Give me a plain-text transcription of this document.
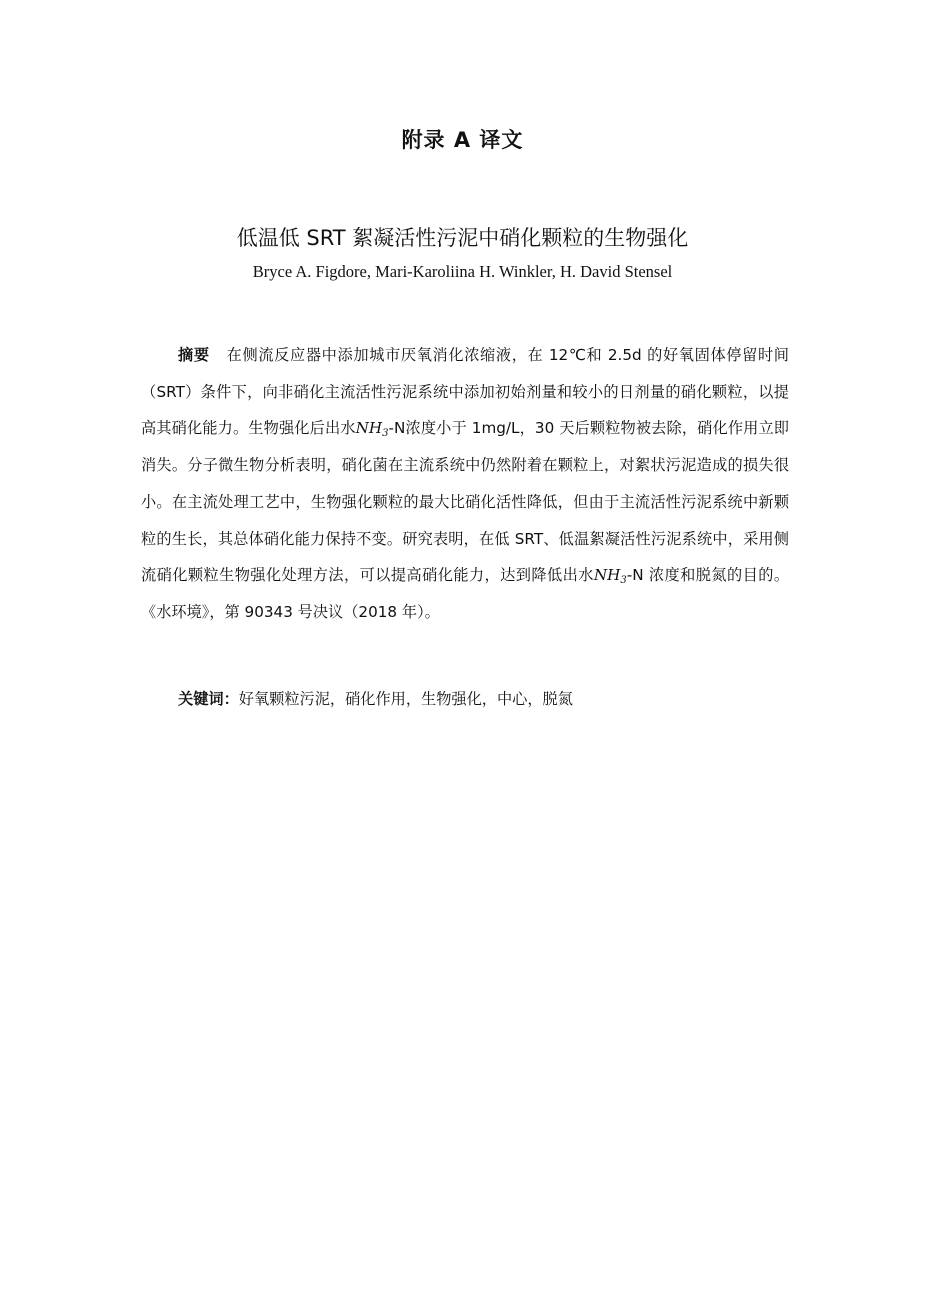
附录 A 译文
低温低 SRT 絮凝活性污泥中硝化颗粒的生物强化
Bryce A. Figdore, Mari-Karoliina H. Winkler, H. David Stensel
摘要 在侧流反应器中添加城市厌氧消化浓缩液，在 12℃和 2.5d 的好氧固体停留时间（SRT）条件下，向非硝化主流活性污泥系统中添加初始剂量和较小的日剂量的硝化颗粒，以提高其硝化能力。生物强化后出水$NH_3-N$浓度小于 1mg/L，30 天后颗粒物被去除，硝化作用立即消失。分子微生物分析表明，硝化菌在主流系统中仍然附着在颗粒上，对絮状污泥造成的损失很小。在主流处理工艺中，生物强化颗粒的最大比硝化活性降低，但由于主流活性污泥系统中新颗粒的生长，其总体硝化能力保持不变。研究表明，在低 SRT、低温絮凝活性污泥系统中，采用侧流硝化颗粒生物强化处理方法，可以提高硝化能力，达到降低出水$NH_3-N$ 浓度和脱氮的目的。《水环境》，第 90343 号决议（2018 年）。
关键词：好氧颗粒污泥，硝化作用，生物强化，中心，脱氮
